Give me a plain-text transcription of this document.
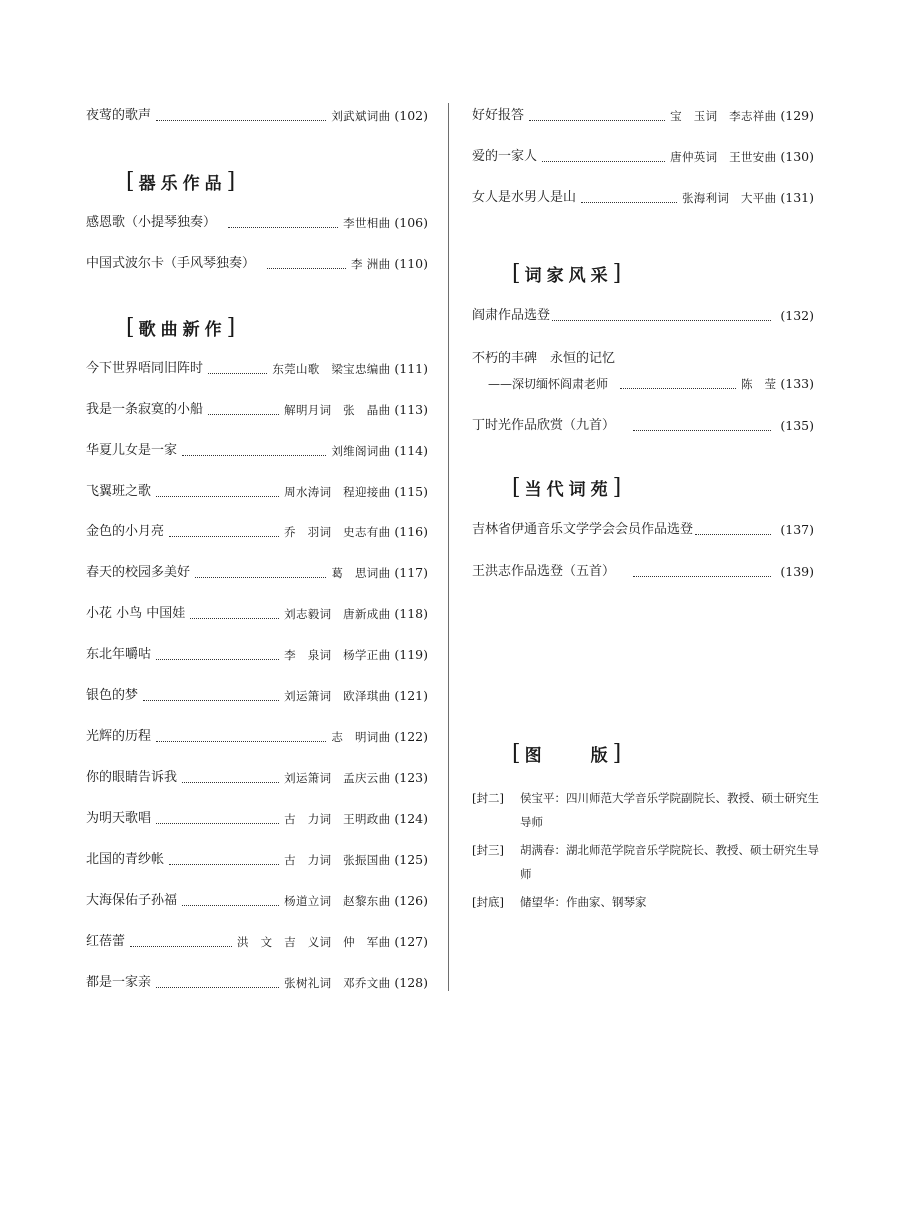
夜莺的歌声	刘武斌词曲 (102)
[ 器乐作品 ]
感恩歌（小提琴独奏）	李世相曲 (106)
中国式波尔卡（手风琴独奏）	李 洲曲 (110)
[ 歌曲新作 ]
今下世界唔同旧阵时	东莞山歌　梁宝忠编曲 (111)
我是一条寂寞的小船	解明月词　张　晶曲 (113)
华夏儿女是一家	刘维阁词曲 (114)
飞翼班之歌	周水涛词　程迎接曲 (115)
金色的小月亮	乔　羽词　史志有曲 (116)
春天的校园多美好	葛　思词曲 (117)
小花 小鸟 中国娃	刘志毅词　唐新成曲 (118)
东北年嚼咕	李　泉词　杨学正曲 (119)
银色的梦	刘运箫词　欧泽琪曲 (121)
光辉的历程	志　明词曲 (122)
你的眼睛告诉我	刘运箫词　孟庆云曲 (123)
为明天歌唱	古　力词　王明政曲 (124)
北国的青纱帐	古　力词　张振国曲 (125)
大海保佑子孙福	杨道立词　赵黎东曲 (126)
红蓓蕾	洪　文　吉　义词　仲　军曲 (127)
都是一家亲	张树礼词　邓乔文曲 (128)
好好报答	宝　玉词　李志祥曲 (129)
爱的一家人	唐仲英词　王世安曲 (130)
女人是水男人是山	张海利词　大平曲 (131)
[ 词家风采 ]
阎肃作品选登	(132)
不朽的丰碑　永恒的记忆
——深切缅怀阎肃老师	陈　莹 (133)
丁时光作品欣赏（九首）	(135)
[ 当代词苑 ]
吉林省伊通音乐文学学会会员作品选登	(137)
王洪志作品选登（五首）	(139)
[ 图　　版 ]
[封二] 侯宝平：四川师范大学音乐学院副院长、教授、硕士研究生导师
[封三] 胡满春：湖北师范学院音乐学院院长、教授、硕士研究生导师
[封底] 储望华：作曲家、钢琴家
